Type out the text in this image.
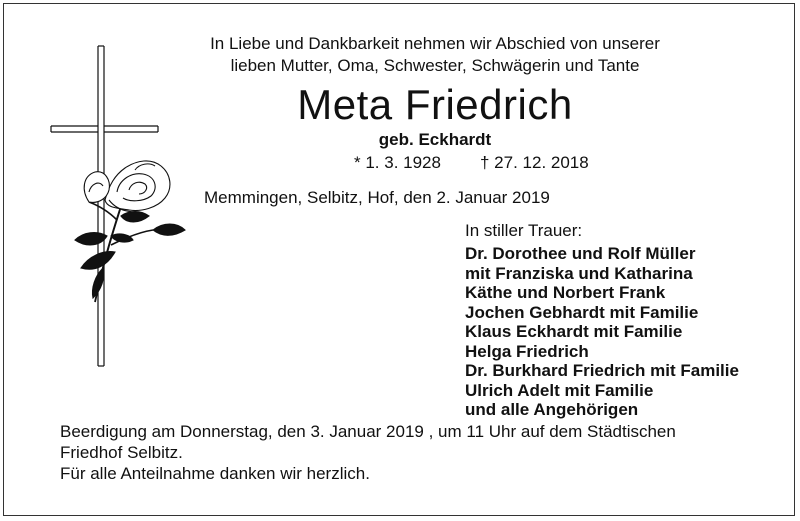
In Liebe und Dankbarkeit nehmen wir Abschied von unserer
lieben Mutter, Oma, Schwester, Schwägerin und Tante
Meta Friedrich
geb. Eckhardt
* 1. 3. 1928 † 27. 12. 2018
Memmingen, Selbitz, Hof, den 2. Januar 2019
In stiller Trauer:
Dr. Dorothee und Rolf Müller
mit Franziska und Katharina
Käthe und Norbert Frank
Jochen Gebhardt mit Familie
Klaus Eckhardt mit Familie
Helga Friedrich
Dr. Burkhard Friedrich mit Familie
Ulrich Adelt mit Familie
und alle Angehörigen
Beerdigung am Donnerstag, den 3. Januar 2019 , um 11 Uhr auf dem Städtischen Friedhof Selbitz.
Für alle Anteilnahme danken wir herzlich.
